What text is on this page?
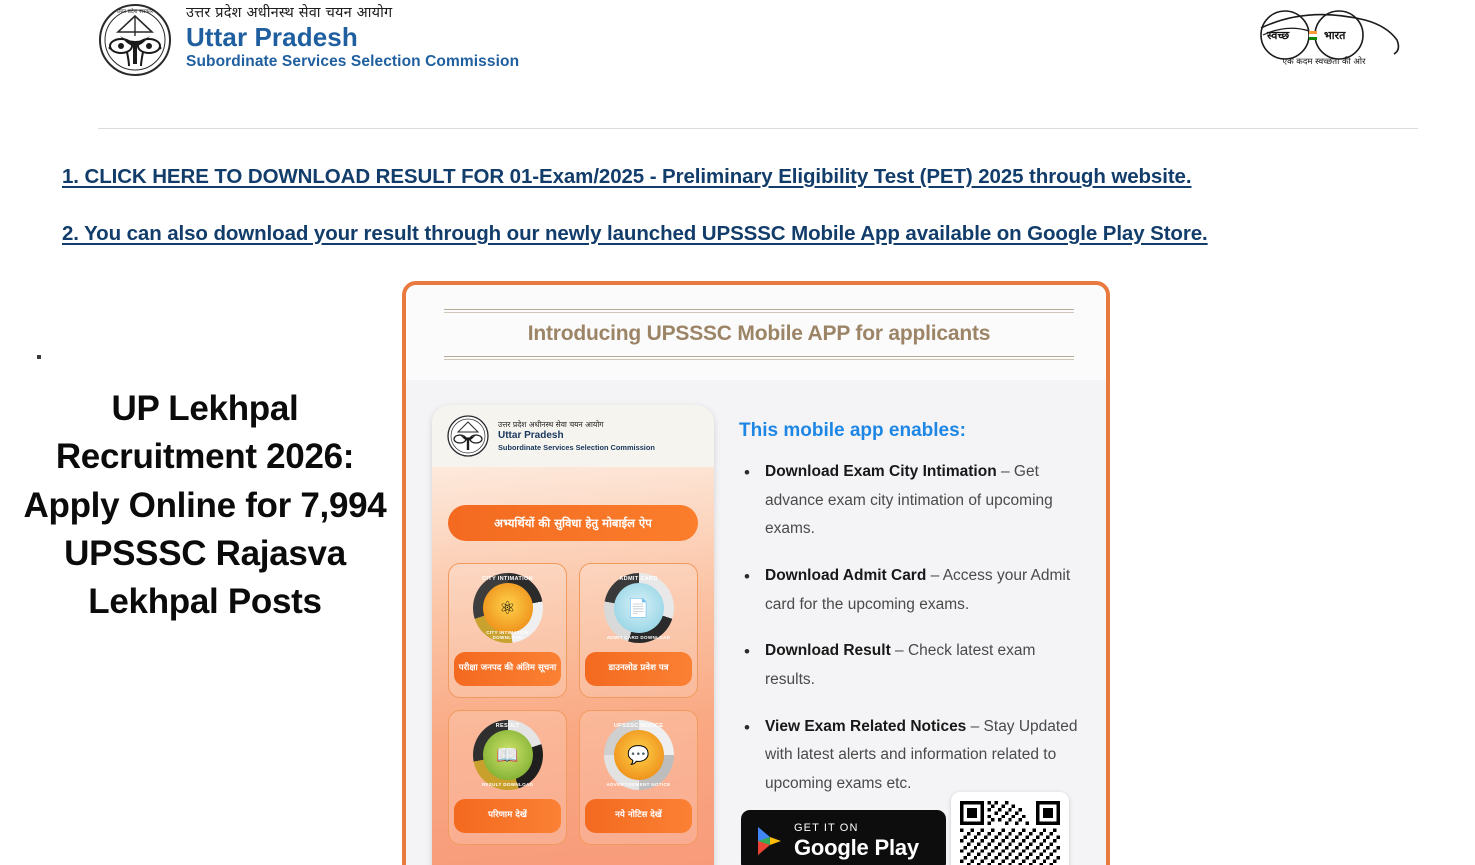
उत्तर प्रदेश सरकार उत्तर प्रदेश अधीनस्थ सेवा चयन आयोग
Uttar Pradesh
Subordinate Services Selection Commission
स्वच्छ	भारत
एक कदम स्वच्छता की ओर
1. CLICK HERE TO DOWNLOAD RESULT FOR 01-Exam/2025 - Preliminary Eligibility Test (PET) 2025 through website.
2. You can also download your result through our newly launched UPSSSC Mobile App available on Google Play Store.
UP Lekhpal Recruitment 2026: Apply Online for 7,994 UPSSSC Rajasva Lekhpal Posts
Introducing UPSSSC Mobile APP for applicants
उत्तर प्रदेश अधीनस्थ सेवा चयन आयोग
Uttar Pradesh
Subordinate Services Selection Commission
अभ्यर्थियों की सुविधा हेतु मोबाईल ऐप
⚛
CITY INTIMATION
CITY INTIMATION DOWNLOAD
परीक्षा जनपद की अंतिम सूचना
📄
ADMIT CARD
ADMIT CARD DOWNLOAD
डाउनलोड प्रवेश पत्र
📖
RESULT
RESULT DOWNLOAD
परिणाम देखें
💬
UPSSSC NOTICE
ADVERTISEMENT NOTICE
नये नोटिस देखें
This mobile app enables:
• Download Exam City Intimation – Get advance exam city intimation of upcoming exams.
• Download Admit Card – Access your Admit card for the upcoming exams.
• Download Result – Check latest exam results.
• View Exam Related Notices – Stay Updated with latest alerts and information related to upcoming exams etc.
GET IT ON
Google Play
